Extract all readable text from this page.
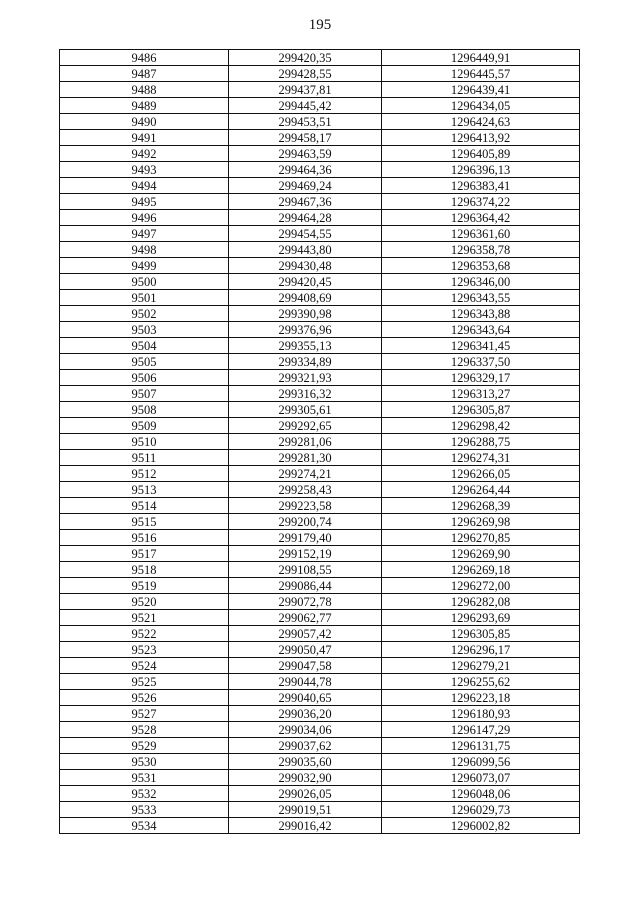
195
9486	299420,35	1296449,91
9487	299428,55	1296445,57
9488	299437,81	1296439,41
9489	299445,42	1296434,05
9490	299453,51	1296424,63
9491	299458,17	1296413,92
9492	299463,59	1296405,89
9493	299464,36	1296396,13
9494	299469,24	1296383,41
9495	299467,36	1296374,22
9496	299464,28	1296364,42
9497	299454,55	1296361,60
9498	299443,80	1296358,78
9499	299430,48	1296353,68
9500	299420,45	1296346,00
9501	299408,69	1296343,55
9502	299390,98	1296343,88
9503	299376,96	1296343,64
9504	299355,13	1296341,45
9505	299334,89	1296337,50
9506	299321,93	1296329,17
9507	299316,32	1296313,27
9508	299305,61	1296305,87
9509	299292,65	1296298,42
9510	299281,06	1296288,75
9511	299281,30	1296274,31
9512	299274,21	1296266,05
9513	299258,43	1296264,44
9514	299223,58	1296268,39
9515	299200,74	1296269,98
9516	299179,40	1296270,85
9517	299152,19	1296269,90
9518	299108,55	1296269,18
9519	299086,44	1296272,00
9520	299072,78	1296282,08
9521	299062,77	1296293,69
9522	299057,42	1296305,85
9523	299050,47	1296296,17
9524	299047,58	1296279,21
9525	299044,78	1296255,62
9526	299040,65	1296223,18
9527	299036,20	1296180,93
9528	299034,06	1296147,29
9529	299037,62	1296131,75
9530	299035,60	1296099,56
9531	299032,90	1296073,07
9532	299026,05	1296048,06
9533	299019,51	1296029,73
9534	299016,42	1296002,82
